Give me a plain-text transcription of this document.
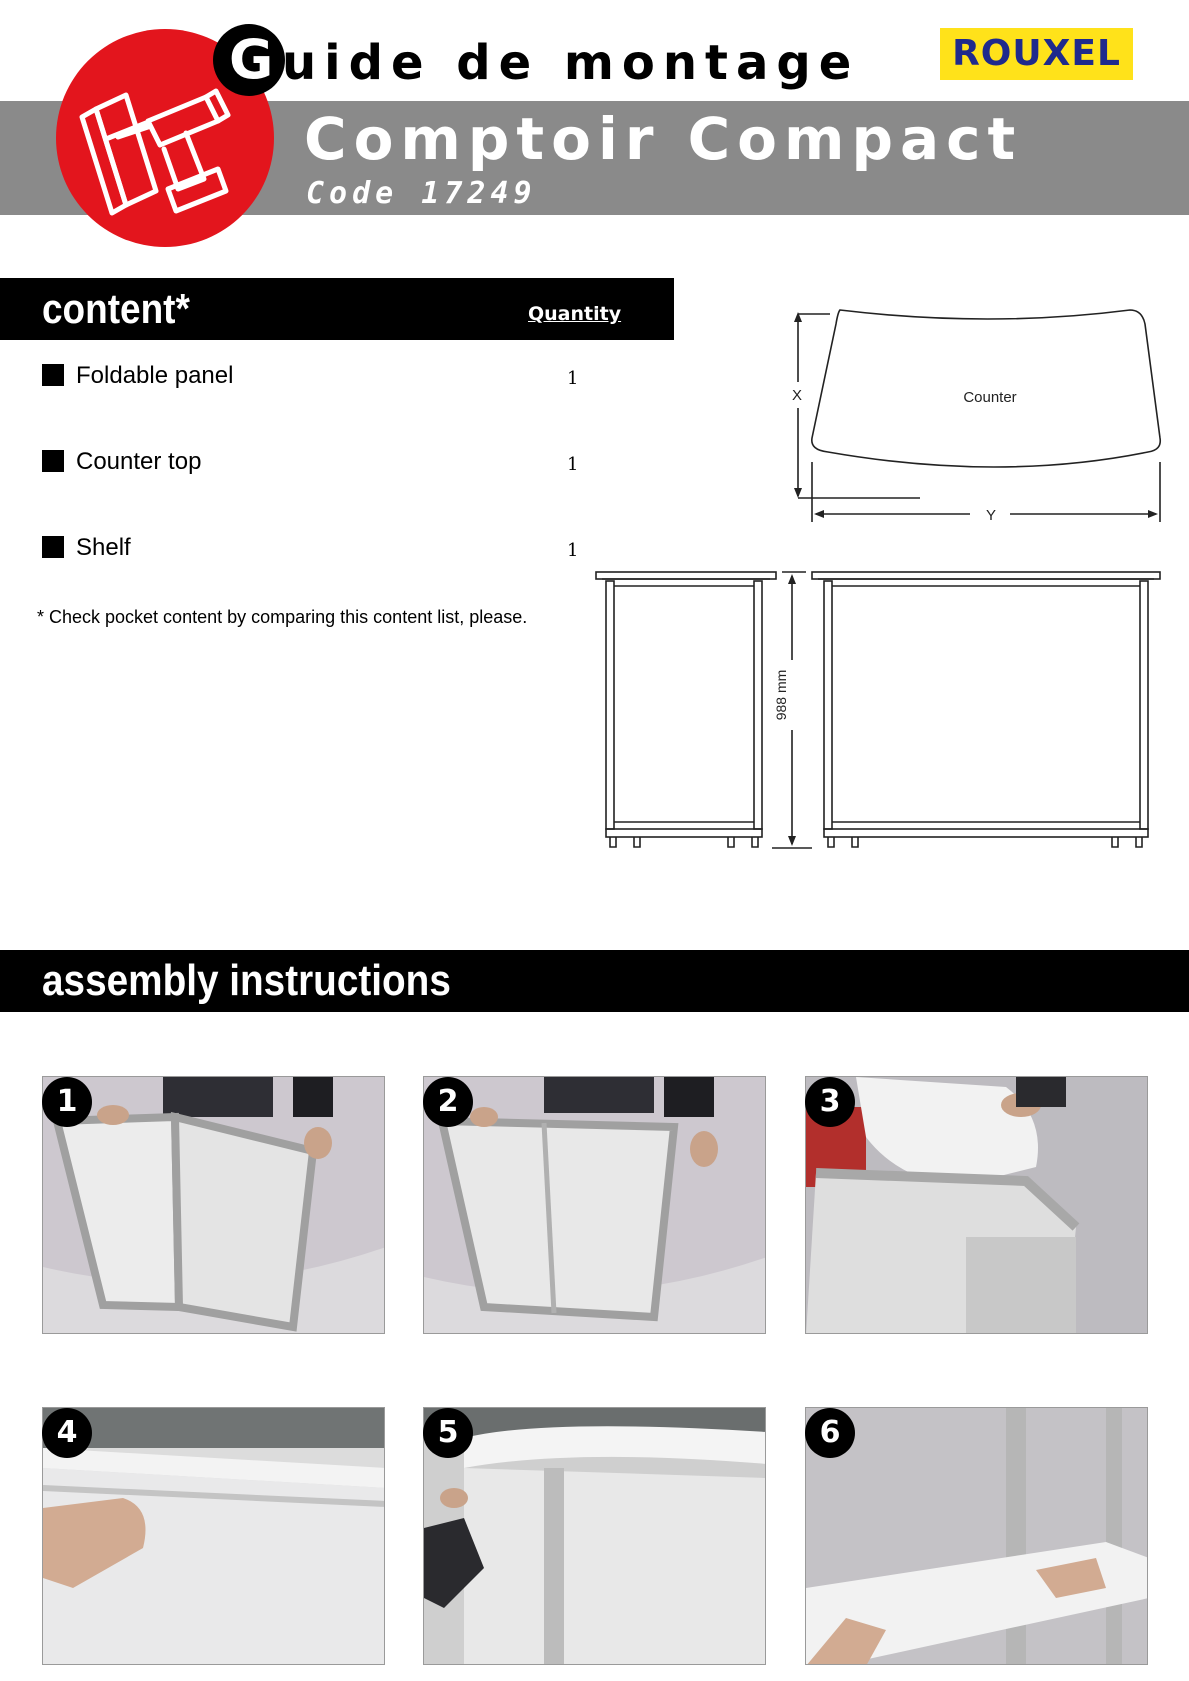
G uide de montage
Comptoir Compact
Code 17249
ROUXEL
content*	Quantity
Foldable panel	1
Counter top	1
Shelf	1
* Check pocket content by comparing this content list, please.
X
Y
Counter
988 mm
assembly instructions
1	2	3
4	5	6
